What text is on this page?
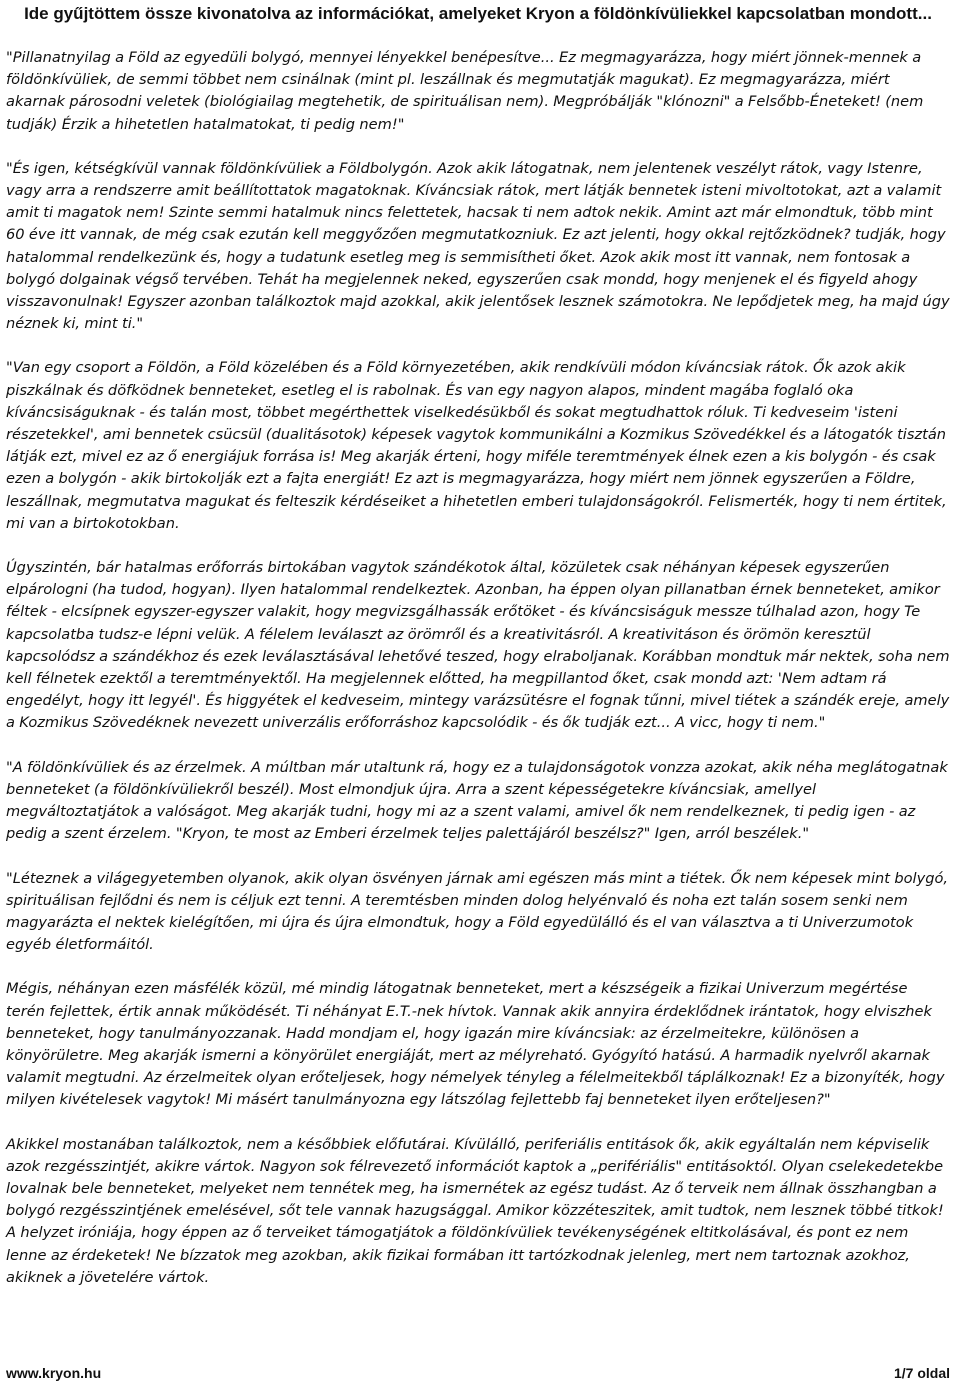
Ide gyűjtöttem össze kivonatolva az információkat, amelyeket Kryon a földönkívüliekkel kapcsolatban mondott...

"Pillanatnyilag a Föld az egyedüli bolygó, mennyei lényekkel benépesítve... Ez megmagyarázza, hogy miért jönnek-mennek a földönkívüliek, de semmi többet nem csinálnak (mint pl. leszállnak és megmutatják magukat). Ez megmagyarázza, miért akarnak párosodni veletek (biológiailag megtehetik, de spirituálisan nem). Megpróbálják "klónozni" a Felsőbb-Éneteket! (nem tudják) Érzik a hihetetlen hatalmatokat, ti pedig nem!"

"És igen, kétségkívül vannak földönkívüliek a Földbolygón. Azok akik látogatnak, nem jelentenek veszélyt rátok, vagy Istenre, vagy arra a rendszerre amit beállítottatok magatoknak. Kíváncsiak rátok, mert látják bennetek isteni mivoltotokat, azt a valamit amit ti magatok nem! Szinte semmi hatalmuk nincs felettetek, hacsak ti nem adtok nekik. Amint azt már elmondtuk, több mint 60 éve itt vannak, de még csak ezután kell meggyőzően megmutatkozniuk. Ez azt jelenti, hogy okkal rejtőzködnek? tudják, hogy hatalommal rendelkezünk és, hogy a tudatunk esetleg meg is semmisítheti őket. Azok akik most itt vannak, nem fontosak a bolygó dolgainak végső tervében. Tehát ha megjelennek neked, egyszerűen csak mondd, hogy menjenek el és figyeld ahogy visszavonulnak! Egyszer azonban találkoztok majd azokkal, akik jelentősek lesznek számotokra. Ne lepődjetek meg, ha majd úgy néznek ki, mint ti."

"Van egy csoport a Földön, a Föld közelében és a Föld környezetében, akik rendkívüli módon kíváncsiak rátok. Ők azok akik piszkálnak és döfködnek benneteket, esetleg el is rabolnak. És van egy nagyon alapos, mindent magába foglaló oka kíváncsiságuknak - és talán most, többet megérthettek viselkedésükből és sokat megtudhattok róluk. Ti kedveseim 'isteni részetekkel', ami bennetek csücsül (dualitásotok) képesek vagytok kommunikálni a Kozmikus Szövedékkel és a látogatók tisztán látják ezt, mivel ez az ő energiájuk forrása is! Meg akarják érteni, hogy miféle teremtmények élnek ezen a kis bolygón - és csak ezen a bolygón - akik birtokolják ezt a fajta energiát! Ez azt is megmagyarázza, hogy miért nem jönnek egyszerűen a Földre, leszállnak, megmutatva magukat és felteszik kérdéseiket a hihetetlen emberi tulajdonságokról. Felismerték, hogy ti nem értitek, mi van a birtokotokban.

Úgyszintén, bár hatalmas erőforrás birtokában vagytok szándékotok által, közületek csak néhányan képesek egyszerűen elpárologni (ha tudod, hogyan). Ilyen hatalommal rendelkeztek. Azonban, ha éppen olyan pillanatban érnek benneteket, amikor féltek - elcsípnek egyszer-egyszer valakit, hogy megvizsgálhassák erőtöket - és kíváncsiságuk messze túlhalad azon, hogy Te kapcsolatba tudsz-e lépni velük. A félelem leválaszt az örömről és a kreativitásról. A kreativitáson és örömön keresztül kapcsolódsz a szándékhoz és ezek leválasztásával lehetővé teszed, hogy elraboljanak. Korábban mondtuk már nektek, soha nem kell félnetek ezektől a teremtményektől. Ha megjelennek előtted, ha megpillantod őket, csak mondd azt: 'Nem adtam rá engedélyt, hogy itt legyél'. És higgyétek el kedveseim, mintegy varázsütésre el fognak tűnni, mivel tiétek a szándék ereje, amely a Kozmikus Szövedéknek nevezett univerzális erőforráshoz kapcsolódik - és ők tudják ezt... A vicc, hogy ti nem."

"A földönkívüliek és az érzelmek. A múltban már utaltunk rá, hogy ez a tulajdonságotok vonzza azokat, akik néha meglátogatnak benneteket (a földönkívüliekről beszél). Most elmondjuk újra. Arra a szent képességetekre kíváncsiak, amellyel megváltoztatjátok a valóságot. Meg akarják tudni, hogy mi az a szent valami, amivel ők nem rendelkeznek, ti pedig igen - az pedig a szent érzelem. "Kryon, te most az Emberi érzelmek teljes palettájáról beszélsz?" Igen, arról beszélek."

"Léteznek a világegyetemben olyanok, akik olyan ösvényen járnak ami egészen más mint a tiétek. Ők nem képesek mint bolygó, spirituálisan fejlődni és nem is céljuk ezt tenni. A teremtésben minden dolog helyénvaló és noha ezt talán sosem senki nem magyarázta el nektek kielégítően, mi újra és újra elmondtuk, hogy a Föld egyedülálló és el van választva a ti Univerzumotok egyéb életformáitól.

Mégis, néhányan ezen másfélék közül, mé mindig látogatnak benneteket, mert a készségeik a fizikai Univerzum megértése terén fejlettek, értik annak működését. Ti néhányat E.T.-nek hívtok. Vannak akik annyira érdeklődnek irántatok, hogy elviszhek benneteket, hogy tanulmányozzanak. Hadd mondjam el, hogy igazán mire kíváncsiak: az érzelmeitekre, különösen a könyörületre. Meg akarják ismerni a könyörület energiáját, mert az mélyreható. Gyógyító hatású. A harmadik nyelvről akarnak valamit megtudni. Az érzelmeitek olyan erőteljesek, hogy némelyek tényleg a félelmeitekből táplálkoznak! Ez a bizonyíték, hogy milyen kivételesek vagytok! Mi másért tanulmányozna egy látszólag fejlettebb faj benneteket ilyen erőteljesen?"

Akikkel mostanában találkoztok, nem a későbbiek előfutárai. Kívülálló, periferiális entitások ők, akik egyáltalán nem képviselik azok rezgésszintjét, akikre vártok. Nagyon sok félrevezető információt kaptok a „perifériális" entitásoktól. Olyan cselekedetekbe lovalnak bele benneteket, melyeket nem tennétek meg, ha ismernétek az egész tudást. Az ő terveik nem állnak összhangban a bolygó rezgésszintjének emelésével, sőt tele vannak hazugsággal. Amikor közzéteszitek, amit tudtok, nem lesznek többé titkok! A helyzet iróniája, hogy éppen az ő terveiket támogatjátok a földönkívüliek tevékenységének eltitkolásával, és pont ez nem lenne az érdeketek! Ne bízzatok meg azokban, akik fizikai formában itt tartózkodnak jelenleg, mert nem tartoznak azokhoz, akiknek a jövetelére vártok.

www.kryon.hu	1/7 oldal
